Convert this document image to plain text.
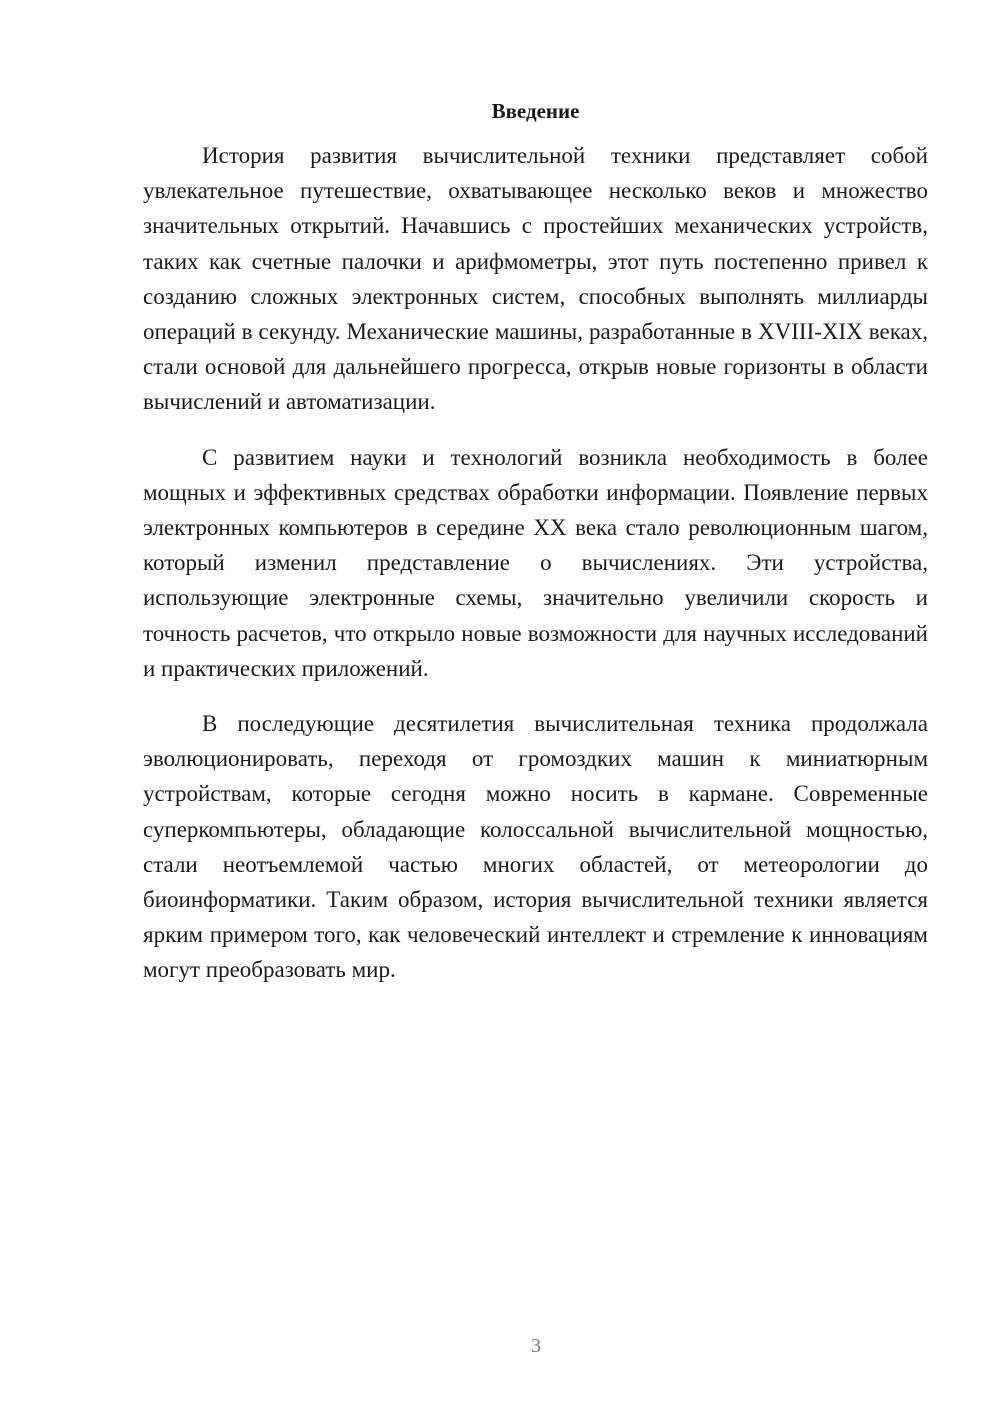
Введение

История развития вычислительной техники представляет собой увлекательное путешествие, охватывающее несколько веков и множество значительных открытий. Начавшись с простейших механических устройств, таких как счетные палочки и арифмометры, этот путь постепенно привел к созданию сложных электронных систем, способных выполнять миллиарды операций в секунду. Механические машины, разработанные в XVIII-XIX веках, стали основой для дальнейшего прогресса, открыв новые горизонты в области вычислений и автоматизации.

С развитием науки и технологий возникла необходимость в более мощных и эффективных средствах обработки информации. Появление первых электронных компьютеров в середине XX века стало революционным шагом, который изменил представление о вычислениях. Эти устройства, использующие электронные схемы, значительно увеличили скорость и точность расчетов, что открыло новые возможности для научных исследований и практических приложений.

В последующие десятилетия вычислительная техника продолжала эволюционировать, переходя от громоздких машин к миниатюрным устройствам, которые сегодня можно носить в кармане. Современные суперкомпьютеры, обладающие колоссальной вычислительной мощностью, стали неотъемлемой частью многих областей, от метеорологии до биоинформатики. Таким образом, история вычислительной техники является ярким примером того, как человеческий интеллект и стремление к инновациям могут преобразовать мир.

3
